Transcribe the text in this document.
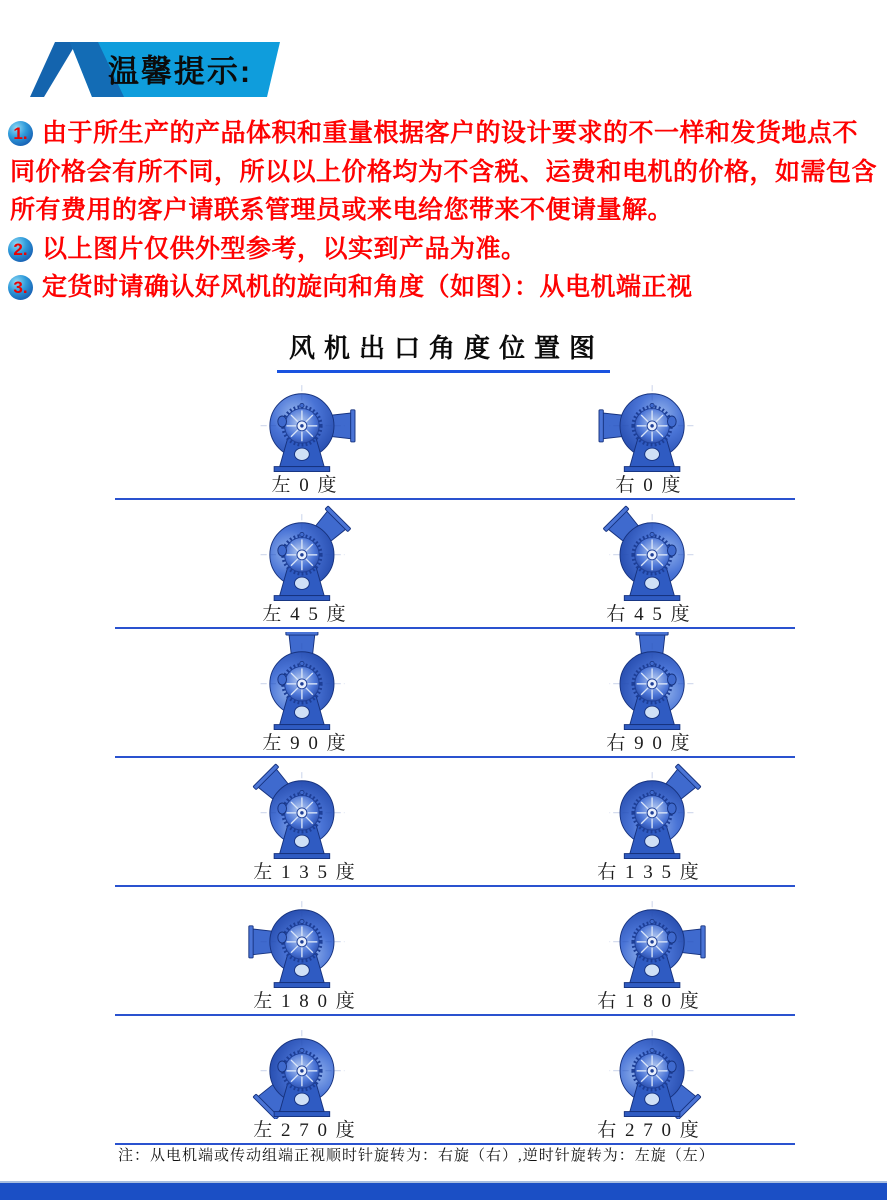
温馨提示:
1. 由于所生产的产品体积和重量根据客户的设计要求的不一样和发货地点不同价格会有所不同，所以以上价格均为不含税、运费和电机的价格，如需包含所有费用的客户请联系管理员或来电给您带来不便请量解。
2. 以上图片仅供外型参考，以实到产品为准。
3. 定货时请确认好风机的旋向和角度（如图）：从电机端正视
风机出口角度位置图
左 0 度	右 0 度
左 4 5 度	右 4 5 度
左 9 0 度	右 9 0 度
左 1 3 5 度	右 1 3 5 度
左 1 8 0 度	右 1 8 0 度
左 2 7 0 度	右 2 7 0 度
注：从电机端或传动组端正视顺时针旋转为：右旋（右）,逆时针旋转为：左旋（左）
